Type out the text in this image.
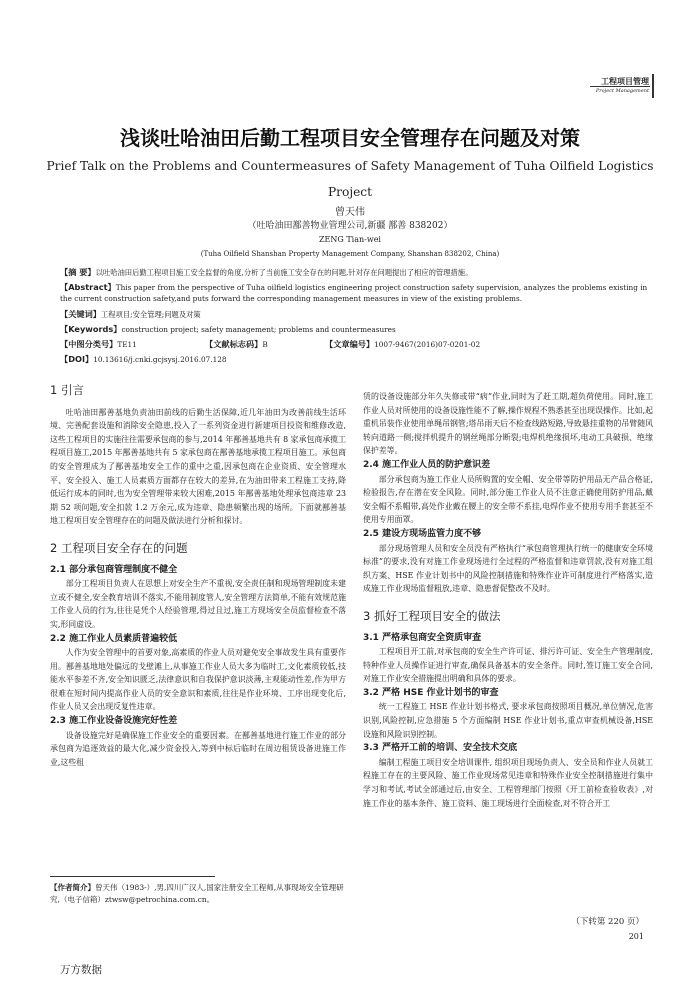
工程项目管理
Project Management
浅谈吐哈油田后勤工程项目安全管理存在问题及对策
Prief Talk on the Problems and Countermeasures of Safety Management of Tuha Oilfield Logistics Project
曾天伟
（吐哈油田鄯善物业管理公司,新疆 鄯善 838202）
ZENG Tian-wei
(Tuha Oilfield Shanshan Property Management Company, Shanshan 838202, China)
【摘 要】以吐哈油田后勤工程项目施工安全监督的角度,分析了当前施工安全存在的问题,针对存在问题提出了相应的管理措施。
【Abstract】This paper from the perspective of Tuha oilfield logistics engineering project construction safety supervision, analyzes the problems existing in the current construction safety,and puts forward the corresponding management measures in view of the existing problems.
【关键词】工程项目;安全管理;问题及对策
【Keywords】construction project; safety management; problems and countermeasures
【中图分类号】TE11	【文献标志码】B	【文章编号】1007-9467(2016)07-0201-02
【DOI】10.13616/j.cnki.gcjsysj.2016.07.128
1 引言

吐哈油田鄯善基地负责油田前线的后勤生活保障,近几年油田为改善前线生活环境、完善配套设施和消除安全隐患,投入了一系列资金进行新建项目投资和维修改造,这些工程项目的实施往往需要承包商的参与,2014 年鄯善基地共有 8 家承包商承揽工程项目施工,2015 年鄯善基地共有 5 家承包商在鄯善基地承揽工程项目施工。承包商的安全管理成为了鄯善基地安全工作的重中之重,因承包商在企业资质、安全管理水平、安全投入、施工人员素质方面都存在较大的差异,在为油田带来工程施工支持,降低运行成本的同时,也为安全管理带来较大困难,2015 年鄯善基地处理承包商违章 23 期 52 项问题,安全扣款 1.2 万余元,成为违章、隐患频繁出现的场所。下面就鄯善基地工程项目安全管理存在的问题及做法进行分析和探讨。

2 工程项目安全存在的问题
2.1 部分承包商管理制度不健全

部分工程项目负责人在思想上对安全生产不重视,安全责任制和现场管理制度未建立或不健全,安全教育培训不落实,不能用制度管人,安全管理方法简单,不能有效规范施工作业人员的行为,往往是凭个人经验管理,得过且过,施工方现场安全员监督检查不落实,形同虚设。

2.2 施工作业人员素质普遍较低

人作为安全管理中的首要对象,高素质的作业人员对避免安全事故发生具有重要作用。鄯善基地地处偏远的戈壁滩上,从事施工作业人员大多为临时工,文化素质较低,技能水平参差不齐,安全知识匮乏,法律意识和自我保护意识淡薄,主观能动性差,作为甲方很难在短时间内提高作业人员的安全意识和素质,往往是作业环境、工序出现变化后,作业人员又会出现反复性违章。

2.3 施工作业设备设施完好性差

设备设施完好是确保施工作业安全的重要因素。在鄯善基地进行施工作业的部分承包商为追逐效益的最大化,减少资金投入,等到中标后临时在周边租赁设备进施工作业,这些租

赁的设备设施部分年久失修或带“病”作业,同时为了赶工期,超负荷使用。同时,施工作业人员对所使用的设备设施性能不了解,操作规程不熟悉甚至出现误操作。比如,起重机吊装作业使用单绳吊钢管;塔吊雨天后不检查线路短路,导致悬挂重物的吊臂随风转向道路一侧;搅拌机提升的钢丝绳部分断裂;电焊机绝缘损坏,电动工具破损、绝缘保护差等。

2.4 施工作业人员的防护意识差

部分承包商为施工作业人员所购置的安全帽、安全带等防护用品无产品合格证,检验报告,存在潜在安全风险。同时,部分施工作业人员不注意正确使用防护用品,戴安全帽不系帽带,高处作业戴在腰上的安全带不系挂,电焊作业不使用专用手套甚至不使用专用面罩。

2.5 建设方现场监管力度不够

部分现场管理人员和安全员没有严格执行“承包商管理执行统一的健康安全环境标准”的要求,没有对施工作业现场进行全过程的严格监督和违章罚款,没有对施工组织方案、HSE 作业计划书中的风险控制措施和特殊作业许可制度进行严格落实,造成施工作业现场监督粗放,违章、隐患督促整改不及时。

3 抓好工程项目安全的做法
3.1 严格承包商安全资质审查

工程项目开工前,对承包商的安全生产许可证、排污许可证、安全生产管理制度,特种作业人员操作证进行审查,确保具备基本的安全条件。同时,签订施工安全合同,对施工作业安全措施提出明确和具体的要求。

3.2 严格 HSE 作业计划书的审查

统一工程施工 HSE 作业计划书格式, 要求承包商按照项目概况,单位情况,危害识别,风险控制,应急措施 5 个方面编制 HSE 作业计划书,重点审查机械设备,HSE 设施和风险识别控制。

3.3 严格开工前的培训、安全技术交底

编制工程施工项目安全培训课件, 组织项目现场负责人、安全员和作业人员就工程施工存在的主要风险、施工作业现场常见违章和特殊作业安全控制措施进行集中学习和考试,考试全部通过后,由安全、工程管理部门按照《开工前检查验收表》,对施工作业的基本条件、施工资料、施工现场进行全面检查,对不符合开工

（下转第 220 页）
【作者简介】曾天伟（1983-）,男,四川广汉人,国家注册安全工程师,从事现场安全管理研究,（电子信箱）ztwsw@petrochina.com.cn。
201
万方数据
